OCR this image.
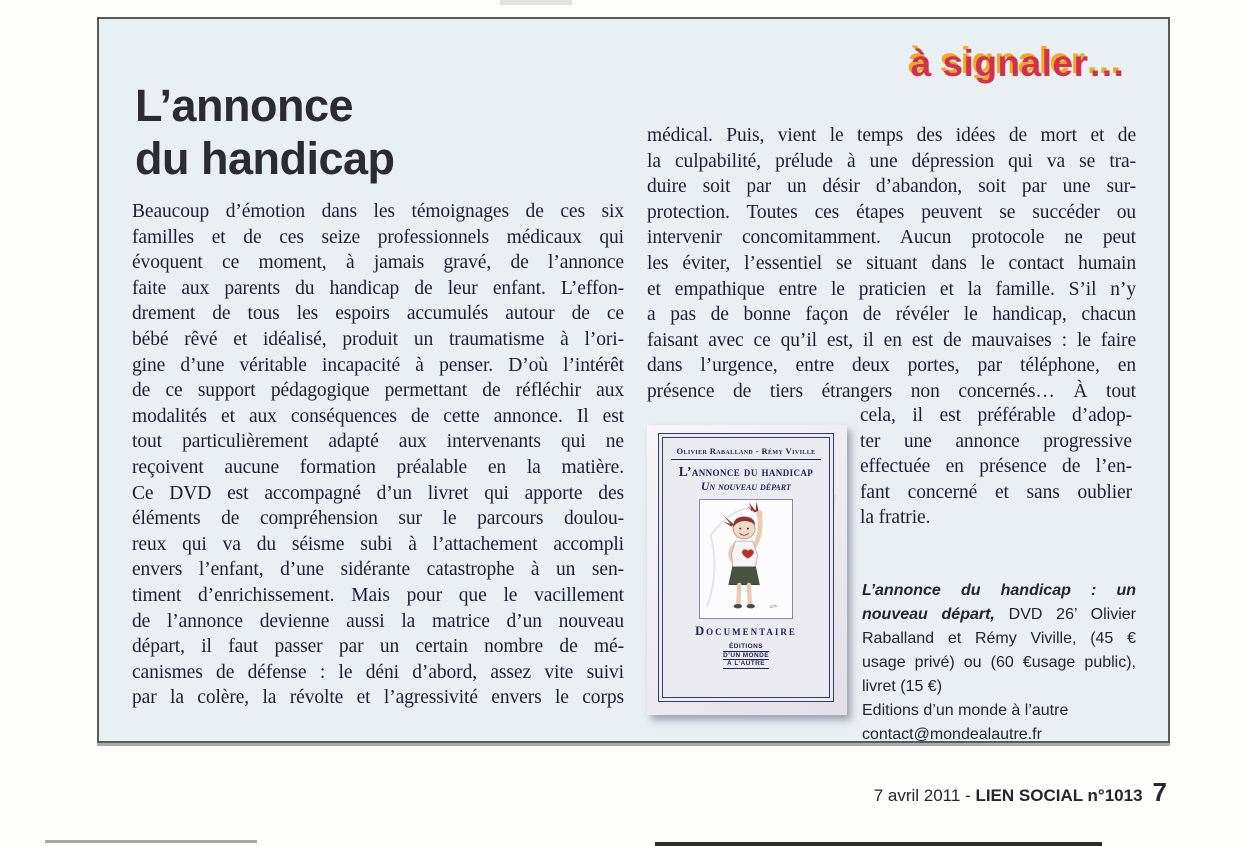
à signaler…
L’annonce
du handicap
Beaucoup d’émotion dans les témoignages de ces six
familles et de ces seize professionnels médicaux qui
évoquent ce moment, à jamais gravé, de l’annonce
faite aux parents du handicap de leur enfant. L’effon-
drement de tous les espoirs accumulés autour de ce
bébé rêvé et idéalisé, produit un traumatisme à l’ori-
gine d’une véritable incapacité à penser. D’où l’intérêt
de ce support pédagogique permettant de réfléchir aux
modalités et aux conséquences de cette annonce. Il est
tout particulièrement adapté aux intervenants qui ne
reçoivent aucune formation préalable en la matière.
Ce DVD est accompagné d’un livret qui apporte des
éléments de compréhension sur le parcours doulou-
reux qui va du séisme subi à l’attachement accompli
envers l’enfant, d’une sidérante catastrophe à un sen-
timent d’enrichissement. Mais pour que le vacillement
de l’annonce devienne aussi la matrice d’un nouveau
départ, il faut passer par un certain nombre de mé-
canismes de défense : le déni d’abord, assez vite suivi
par la colère, la révolte et l’agressivité envers le corps
médical. Puis, vient le temps des idées de mort et de
la culpabilité, prélude à une dépression qui va se tra-
duire soit par un désir d’abandon, soit par une sur-
protection. Toutes ces étapes peuvent se succéder ou
intervenir concomitamment. Aucun protocole ne peut
les éviter, l’essentiel se situant dans le contact humain
et empathique entre le praticien et la famille. S’il n’y
a pas de bonne façon de révéler le handicap, chacun
faisant avec ce qu’il est, il en est de mauvaises : le faire
dans l’urgence, entre deux portes, par téléphone, en
présence de tiers étrangers non concernés… À tout
cela, il est préférable d’adop-
ter une annonce progressive
effectuée en présence de l’en-
fant concerné et sans oublier
la fratrie.
Olivier Raballand - Rémy Viville
L’annonce du handicap
Un nouveau départ
Documentaire
ÉDITIONS
D’UN MONDE
À L’AUTRE

L’annonce du handicap : un nouveau départ, DVD 26’ Olivier Raballand et Rémy Viville, (45 € usage privé) ou (60 €usage public), livret (15 €)

Editions d’un monde à l’autre
contact@mondealautre.fr
7 avril 2011 - LIEN SOCIAL n°1013 7
